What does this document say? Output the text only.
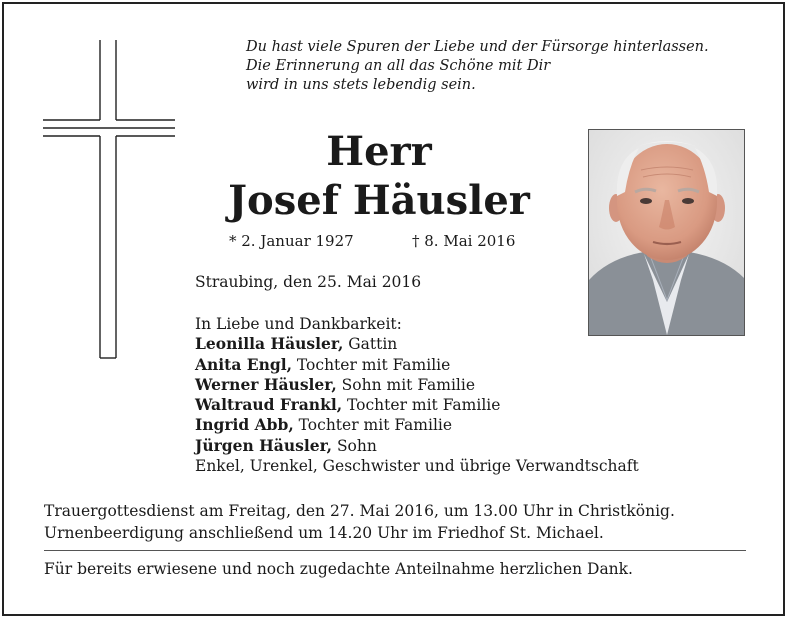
Du hast viele Spuren der Liebe und der Fürsorge hinterlassen.
Die Erinnerung an all das Schöne mit Dir
wird in uns stets lebendig sein.
Herr
Josef Häusler
* 2. Januar 1927	† 8. Mai 2016
Straubing, den 25. Mai 2016
In Liebe und Dankbarkeit:
Leonilla Häusler, Gattin
Anita Engl, Tochter mit Familie
Werner Häusler, Sohn mit Familie
Waltraud Frankl, Tochter mit Familie
Ingrid Abb, Tochter mit Familie
Jürgen Häusler, Sohn
Enkel, Urenkel, Geschwister und übrige Verwandtschaft
Trauergottesdienst am Freitag, den 27. Mai 2016, um 13.00 Uhr in Christkönig.
Urnenbeerdigung anschließend um 14.20 Uhr im Friedhof St. Michael.
Für bereits erwiesene und noch zugedachte Anteilnahme herzlichen Dank.
